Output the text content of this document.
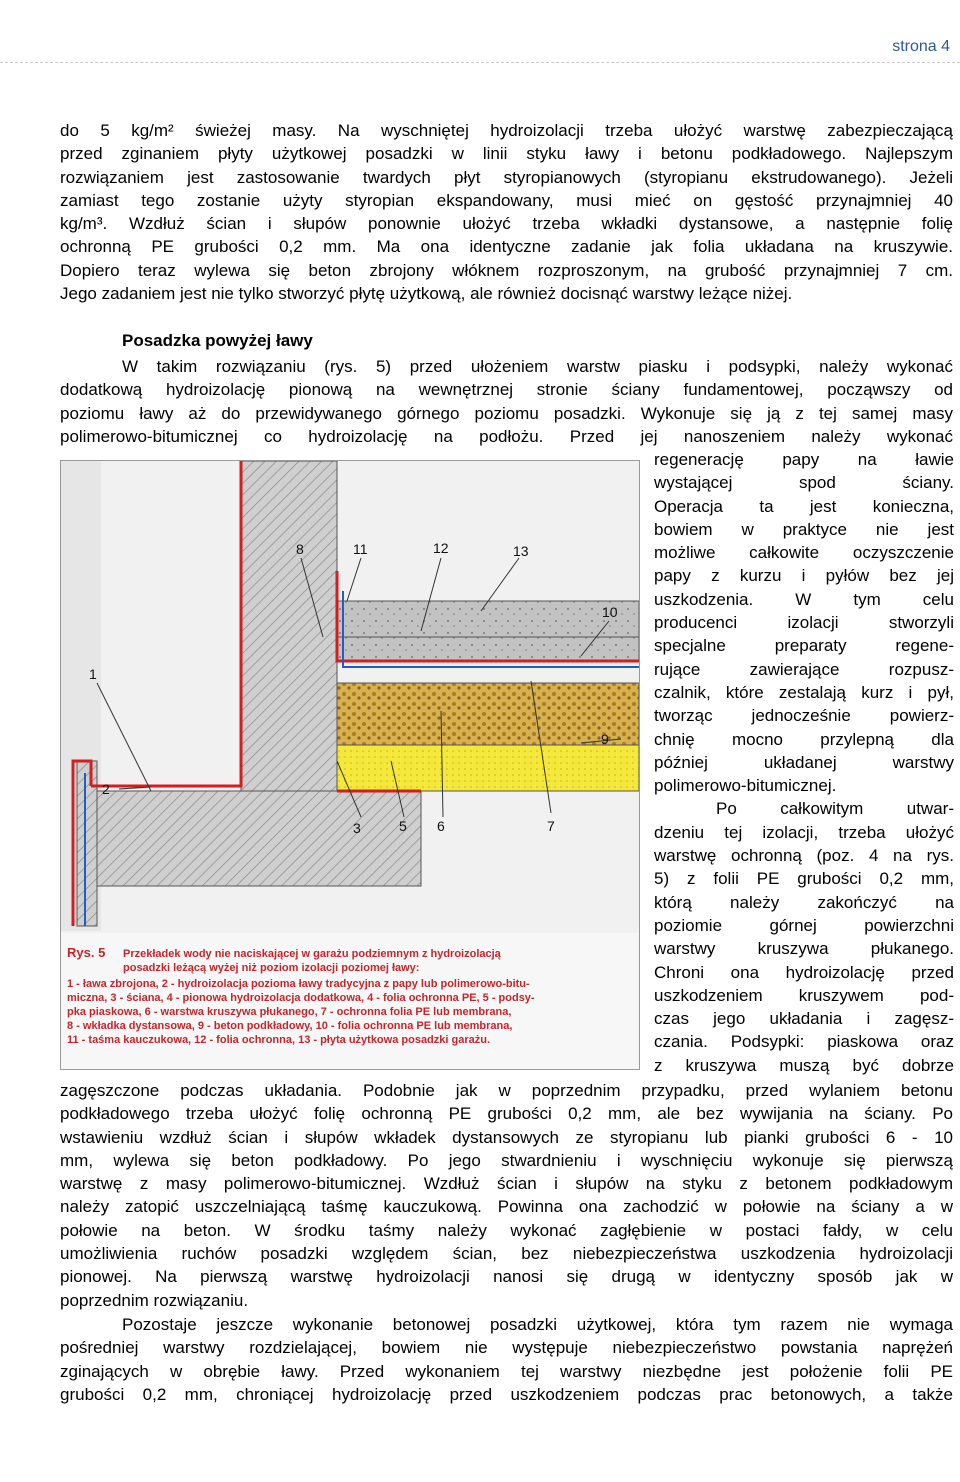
BAZA DORADZTWA BUDOWLANEGO BDB Poland www.bdb.com.pl
Wszystkie prawa zastrzeżone All rights reserved
strona 4
do 5 kg/m² świeżej masy. Na wyschniętej hydroizolacji trzeba ułożyć warstwę zabezpieczającą
przed zginaniem płyty użytkowej posadzki w linii styku ławy i betonu podkładowego. Najlepszym
rozwiązaniem jest zastosowanie twardych płyt styropianowych (styropianu ekstrudowanego). Jeżeli
zamiast tego zostanie użyty styropian ekspandowany, musi mieć on gęstość przynajmniej 40
kg/m³. Wzdłuż ścian i słupów ponownie ułożyć trzeba wkładki dystansowe, a następnie folię
ochronną PE grubości 0,2 mm. Ma ona identyczne zadanie jak folia układana na kruszywie.
Dopiero teraz wylewa się beton zbrojony włóknem rozproszonym, na grubość przynajmniej 7 cm.
Jego zadaniem jest nie tylko stworzyć płytę użytkową, ale również docisnąć warstwy leżące niżej.
Posadzka powyżej ławy
W takim rozwiązaniu (rys. 5) przed ułożeniem warstw piasku i podsypki, należy wykonać
dodatkową hydroizolację pionową na wewnętrznej stronie ściany fundamentowej, począwszy od
poziomu ławy aż do przewidywanego górnego poziomu posadzki. Wykonuje się ją z tej samej masy
polimerowo-bitumicznej co hydroizolację na podłożu. Przed jej nanoszeniem należy wykonać
8	11	12	13
10
1
2
3
9
5 6	7
Rys. 5 Przekładek wody nie naciskającej w garażu podziemnym z hydroizolacją
posadzki leżącą wyżej niż poziom izolacji poziomej ławy:
1 - ława zbrojona, 2 - hydroizolacja pozioma ławy tradycyjna z papy lub polimerowo-bitu-
miczna, 3 - ściana, 4 - pionowa hydroizolacja dodatkowa, 4 - folia ochronna PE, 5 - podsy-
pka piaskowa, 6 - warstwa kruszywa płukanego, 7 - ochronna folia PE lub membrana,
8 - wkładka dystansowa, 9 - beton podkładowy, 10 - folia ochronna PE lub membrana,
11 - taśma kauczukowa, 12 - folia ochronna, 13 - płyta użytkowa posadzki garażu.
regenerację papy na ławie
wystającej spod ściany.
Operacja ta jest konieczna,
bowiem w praktyce nie jest
możliwe całkowite oczyszczenie
papy z kurzu i pyłów bez jej
uszkodzenia. W tym celu
producenci izolacji stworzyli
specjalne preparaty regene-
rujące zawierające rozpusz-
czalnik, które zestalają kurz i pył,
tworząc jednocześnie powierz-
chnię mocno przylepną dla
później układanej warstwy
polimerowo-bitumicznej.
Po całkowitym utwar-
dzeniu tej izolacji, trzeba ułożyć
warstwę ochronną (poz. 4 na rys.
5) z folii PE grubości 0,2 mm,
którą należy zakończyć na
poziomie górnej powierzchni
warstwy kruszywa płukanego.
Chroni ona hydroizolację przed
uszkodzeniem kruszywem pod-
czas jego układania i zagęsz-
czania. Podsypki: piaskowa oraz
z kruszywa muszą być dobrze
zagęszczone podczas układania. Podobnie jak w poprzednim przypadku, przed wylaniem betonu
podkładowego trzeba ułożyć folię ochronną PE grubości 0,2 mm, ale bez wywijania na ściany. Po
wstawieniu wzdłuż ścian i słupów wkładek dystansowych ze styropianu lub pianki grubości 6 - 10
mm, wylewa się beton podkładowy. Po jego stwardnieniu i wyschnięciu wykonuje się pierwszą
warstwę z masy polimerowo-bitumicznej. Wzdłuż ścian i słupów na styku z betonem podkładowym
należy zatopić uszczelniającą taśmę kauczukową. Powinna ona zachodzić w połowie na ściany a w
połowie na beton. W środku taśmy należy wykonać zagłębienie w postaci fałdy, w celu
umożliwienia ruchów posadzki względem ścian, bez niebezpieczeństwa uszkodzenia hydroizolacji
pionowej. Na pierwszą warstwę hydroizolacji nanosi się drugą w identyczny sposób jak w
poprzednim rozwiązaniu.
Pozostaje jeszcze wykonanie betonowej posadzki użytkowej, która tym razem nie wymaga
pośredniej warstwy rozdzielającej, bowiem nie występuje niebezpieczeństwo powstania naprężeń
zginających w obrębie ławy. Przed wykonaniem tej warstwy niezbędne jest położenie folii PE
grubości 0,2 mm, chroniącej hydroizolację przed uszkodzeniem podczas prac betonowych, a także
BAZA DORADZTWA BUDOWLANEGO BDB Poland www.bdb.com.pl
Wszystkie prawa zastrzeżone All rights reserved
